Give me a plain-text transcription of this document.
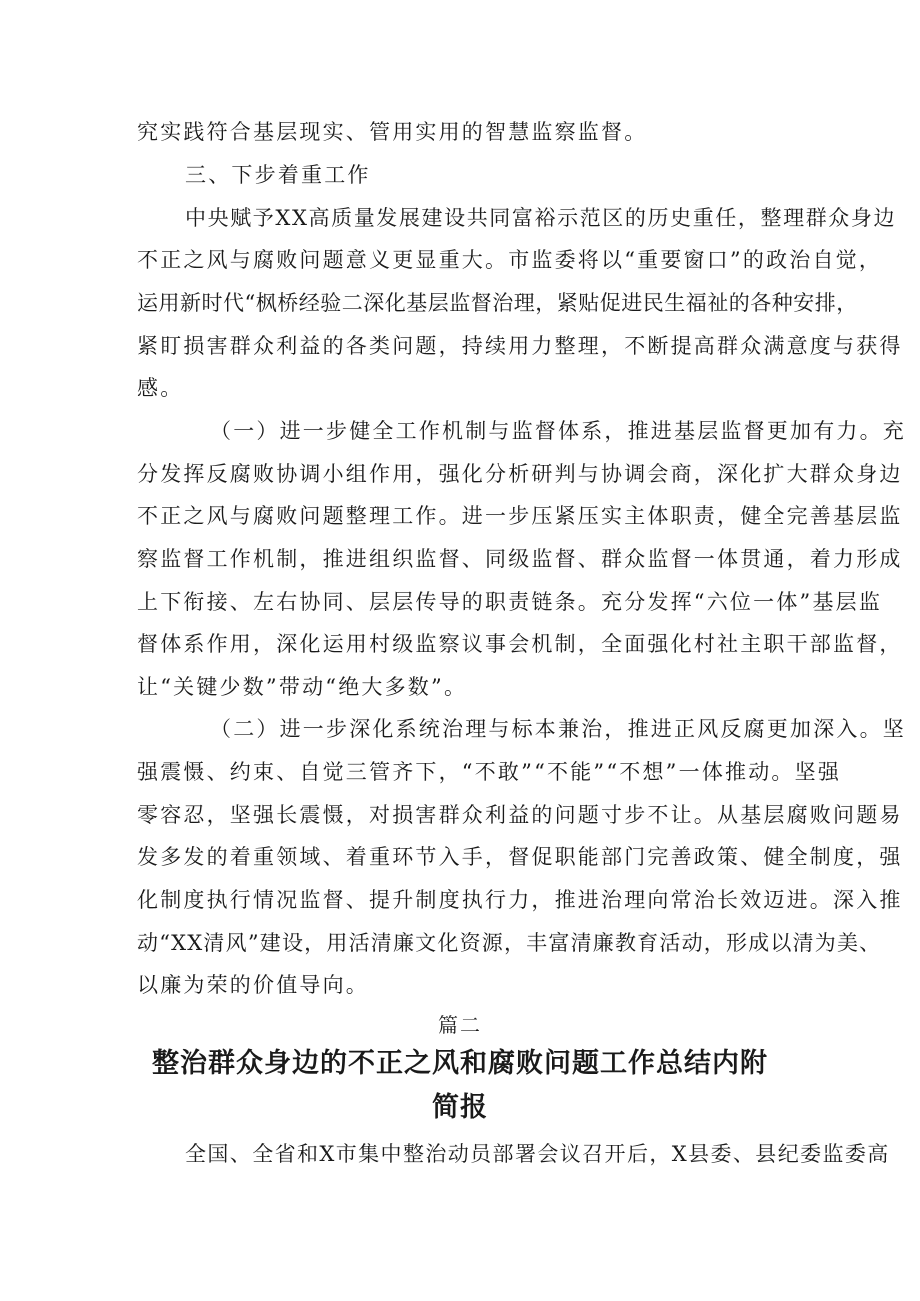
究实践符合基层现实、管用实用的智慧监察监督。
三、下步着重工作
中央赋予XX高质量发展建设共同富裕示范区的历史重任，整理群众身边
不正之风与腐败问题意义更显重大。市监委将以“重要窗口”的政治自觉，
运用新时代“枫桥经验二深化基层监督治理，紧贴促进民生福祉的各种安排，
紧盯损害群众利益的各类问题，持续用力整理，不断提高群众满意度与获得
感。
（一）进一步健全工作机制与监督体系，推进基层监督更加有力。充
分发挥反腐败协调小组作用，强化分析研判与协调会商，深化扩大群众身边
不正之风与腐败问题整理工作。进一步压紧压实主体职责，健全完善基层监
察监督工作机制，推进组织监督、同级监督、群众监督一体贯通，着力形成
上下衔接、左右协同、层层传导的职责链条。充分发挥“六位一体”基层监
督体系作用，深化运用村级监察议事会机制，全面强化村社主职干部监督，
让“关键少数”带动“绝大多数”。
（二）进一步深化系统治理与标本兼治，推进正风反腐更加深入。坚
强震慑、约束、自觉三管齐下，“不敢”“不能”“不想”一体推动。坚强
零容忍，坚强长震慑，对损害群众利益的问题寸步不让。从基层腐败问题易
发多发的着重领域、着重环节入手，督促职能部门完善政策、健全制度，强
化制度执行情况监督、提升制度执行力，推进治理向常治长效迈进。深入推
动“XX清风”建设，用活清廉文化资源，丰富清廉教育活动，形成以清为美、
以廉为荣的价值导向。
篇二
整治群众身边的不正之风和腐败问题工作总结内附
简报
全国、全省和X市集中整治动员部署会议召开后，X县委、县纪委监委高
